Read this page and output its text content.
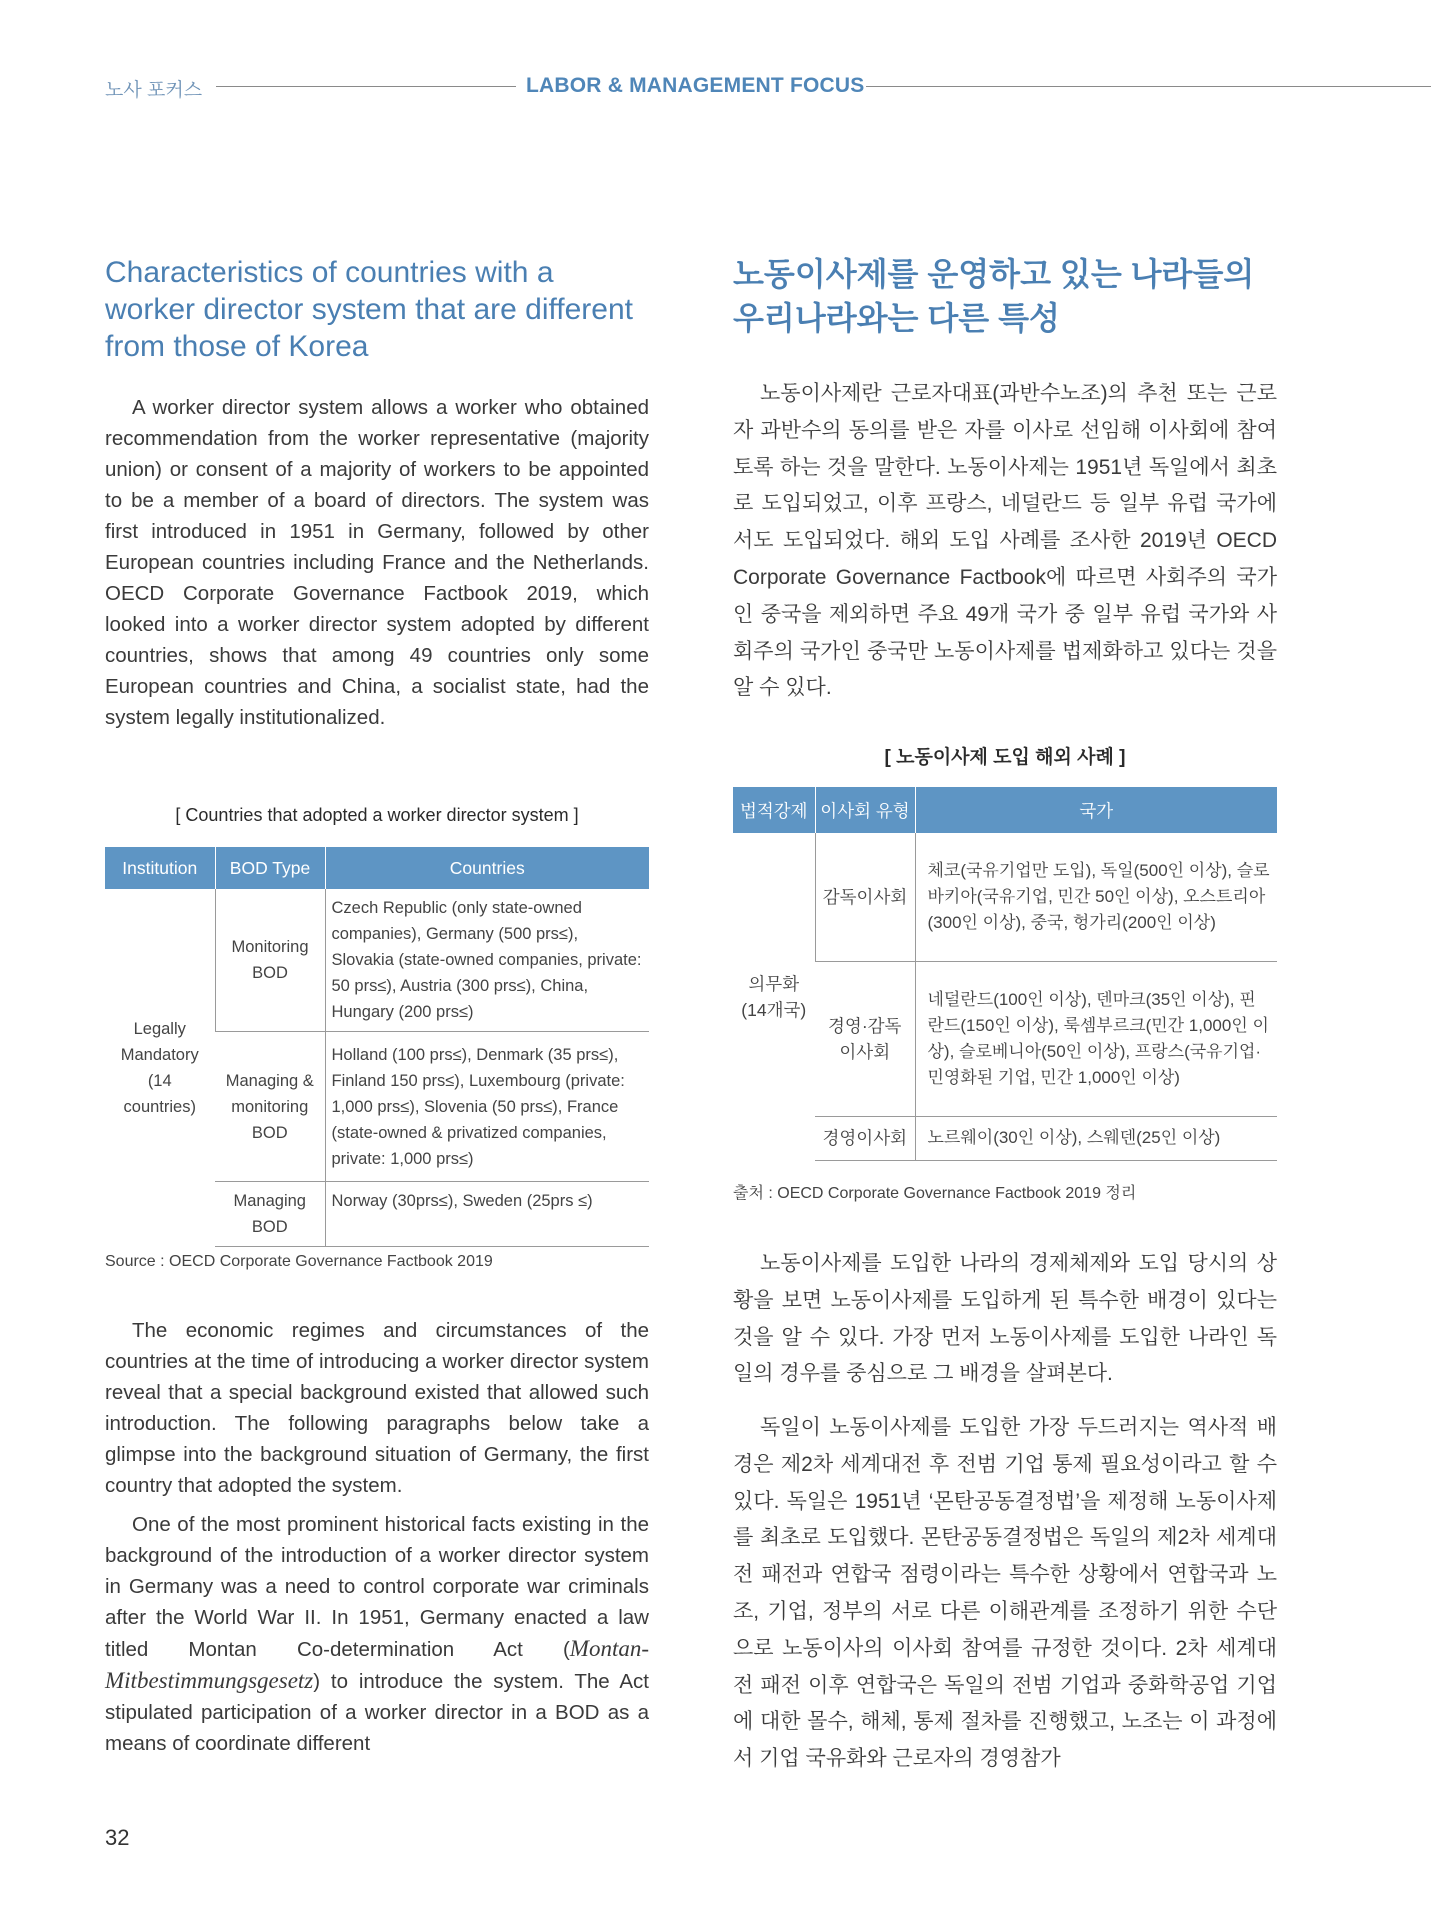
노사 포커스	LABOR & MANAGEMENT FOCUS
Characteristics of countries with a worker director system that are different from those of Korea

A worker director system allows a worker who obtained recommendation from the worker representative (majority union) or consent of a majority of workers to be appointed to be a member of a board of directors. The system was first introduced in 1951 in Germany, followed by other European countries including France and the Netherlands. OECD Corporate Governance Factbook 2019, which looked into a worker director system adopted by different countries, shows that among 49 countries only some European countries and China, a socialist state, had the system legally institutionalized.

[ Countries that adopted a worker director system ]
Institution	BOD Type	Countries
Legally Mandatory (14 countries)	Monitoring BOD	Czech Republic (only state-owned companies), Germany (500 prs≤), Slovakia (state-owned companies, private: 50 prs≤), Austria (300 prs≤), China, Hungary (200 prs≤)
	Managing & monitoring BOD	Holland (100 prs≤), Denmark (35 prs≤), Finland 150 prs≤), Luxembourg (private: 1,000 prs≤), Slovenia (50 prs≤), France (state-owned & privatized companies, private: 1,000 prs≤)
	Managing BOD	Norway (30prs≤), Sweden (25prs ≤)
Source : OECD Corporate Governance Factbook 2019

The economic regimes and circumstances of the countries at the time of introducing a worker director system reveal that a special background existed that allowed such introduction. The following paragraphs below take a glimpse into the background situation of Germany, the first country that adopted the system.

One of the most prominent historical facts existing in the background of the introduction of a worker director system in Germany was a need to control corporate war criminals after the World War II. In 1951, Germany enacted a law titled Montan Co-determination Act (Montan-Mitbestimmungsgesetz) to introduce the system. The Act stipulated participation of a worker director in a BOD as a means of coordinate different

노동이사제를 운영하고 있는 나라들의 우리나라와는 다른 특성

노동이사제란 근로자대표(과반수노조)의 추천 또는 근로자 과반수의 동의를 받은 자를 이사로 선임해 이사회에 참여토록 하는 것을 말한다. 노동이사제는 1951년 독일에서 최초로 도입되었고, 이후 프랑스, 네덜란드 등 일부 유럽 국가에서도 도입되었다. 해외 도입 사례를 조사한 2019년 OECD Corporate Governance Factbook에 따르면 사회주의 국가인 중국을 제외하면 주요 49개 국가 중 일부 유럽 국가와 사회주의 국가인 중국만 노동이사제를 법제화하고 있다는 것을 알 수 있다.

[ 노동이사제 도입 해외 사례 ]
법적강제	이사회 유형	국가
의무화 (14개국)	감독이사회	체코(국유기업만 도입), 독일(500인 이상), 슬로바키아(국유기업, 민간 50인 이상), 오스트리아(300인 이상), 중국, 헝가리(200인 이상)
	경영·감독 이사회	네덜란드(100인 이상), 덴마크(35인 이상), 핀란드(150인 이상), 룩셈부르크(민간 1,000인 이상), 슬로베니아(50인 이상), 프랑스(국유기업·민영화된 기업, 민간 1,000인 이상)
	경영이사회	노르웨이(30인 이상), 스웨덴(25인 이상)
출처 : OECD Corporate Governance Factbook 2019 정리

노동이사제를 도입한 나라의 경제체제와 도입 당시의 상황을 보면 노동이사제를 도입하게 된 특수한 배경이 있다는 것을 알 수 있다. 가장 먼저 노동이사제를 도입한 나라인 독일의 경우를 중심으로 그 배경을 살펴본다.

독일이 노동이사제를 도입한 가장 두드러지는 역사적 배경은 제2차 세계대전 후 전범 기업 통제 필요성이라고 할 수 있다. 독일은 1951년 ‘몬탄공동결정법’을 제정해 노동이사제를 최초로 도입했다. 몬탄공동결정법은 독일의 제2차 세계대전 패전과 연합국 점령이라는 특수한 상황에서 연합국과 노조, 기업, 정부의 서로 다른 이해관계를 조정하기 위한 수단으로 노동이사의 이사회 참여를 규정한 것이다. 2차 세계대전 패전 이후 연합국은 독일의 전범 기업과 중화학공업 기업에 대한 몰수, 해체, 통제 절차를 진행했고, 노조는 이 과정에서 기업 국유화와 근로자의 경영참가

32
